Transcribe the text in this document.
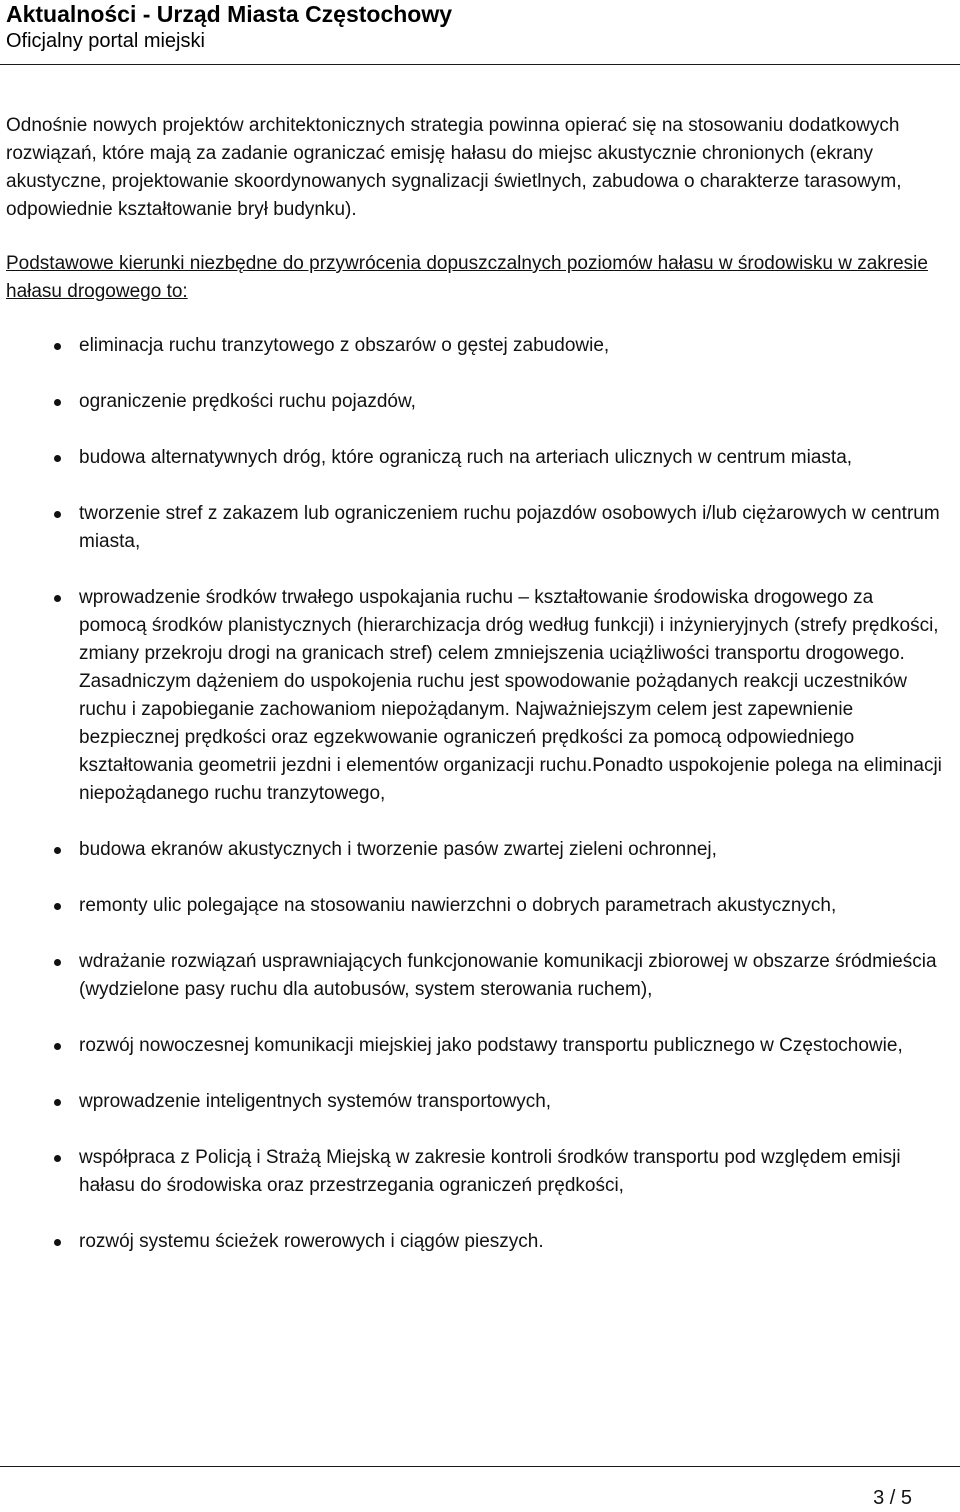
Aktualności - Urząd Miasta Częstochowy
Oficjalny portal miejski

Odnośnie nowych projektów architektonicznych strategia powinna opierać się na stosowaniu dodatkowych rozwiązań, które mają za zadanie ograniczać emisję hałasu do miejsc akustycznie chronionych (ekrany akustyczne, projektowanie skoordynowanych sygnalizacji świetlnych, zabudowa o charakterze tarasowym, odpowiednie kształtowanie brył budynku).

Podstawowe kierunki niezbędne do przywrócenia dopuszczalnych poziomów hałasu w środowisku w zakresie hałasu drogowego to:

eliminacja ruchu tranzytowego z obszarów o gęstej zabudowie,
ograniczenie prędkości ruchu pojazdów,
budowa alternatywnych dróg, które ograniczą ruch na arteriach ulicznych w centrum miasta,
tworzenie stref z zakazem lub ograniczeniem ruchu pojazdów osobowych i/lub ciężarowych w centrum miasta,
wprowadzenie środków trwałego uspokajania ruchu – kształtowanie środowiska drogowego za pomocą środków planistycznych (hierarchizacja dróg według funkcji) i inżynieryjnych (strefy prędkości, zmiany przekroju drogi na granicach stref) celem zmniejszenia uciążliwości transportu drogowego. Zasadniczym dążeniem do uspokojenia ruchu jest spowodowanie pożądanych reakcji uczestników ruchu i zapobieganie zachowaniom niepożądanym. Najważniejszym celem jest zapewnienie bezpiecznej prędkości oraz egzekwowanie ograniczeń prędkości za pomocą odpowiedniego kształtowania geometrii jezdni i elementów organizacji ruchu.Ponadto uspokojenie polega na eliminacji niepożądanego ruchu tranzytowego,
budowa ekranów akustycznych i tworzenie pasów zwartej zieleni ochronnej,
remonty ulic polegające na stosowaniu nawierzchni o dobrych parametrach akustycznych,
wdrażanie rozwiązań usprawniających funkcjonowanie komunikacji zbiorowej w obszarze śródmieścia (wydzielone pasy ruchu dla autobusów, system sterowania ruchem),
rozwój nowoczesnej komunikacji miejskiej jako podstawy transportu publicznego w Częstochowie,
wprowadzenie inteligentnych systemów transportowych,
współpraca z Policją i Strażą Miejską w zakresie kontroli środków transportu pod względem emisji hałasu do środowiska oraz przestrzegania ograniczeń prędkości,
rozwój systemu ścieżek rowerowych i ciągów pieszych.
3 / 5
